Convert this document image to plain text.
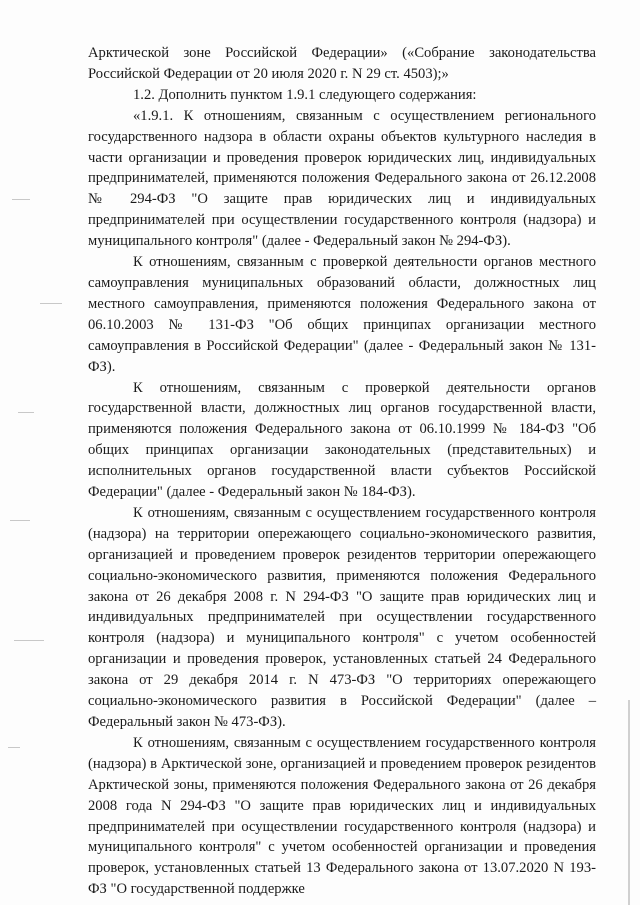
Арктической зоне Российской Федерации» («Собрание законодательства Российской Федерации от 20 июля 2020 г. N 29 ст. 4503);»

1.2. Дополнить пунктом 1.9.1 следующего содержания:

«1.9.1. К отношениям, связанным с осуществлением регионального государственного надзора в области охраны объектов культурного наследия в части организации и проведения проверок юридических лиц, индивидуальных предпринимателей, применяются положения Федерального закона от 26.12.2008 № 294-ФЗ "О защите прав юридических лиц и индивидуальных предпринимателей при осуществлении государственного контроля (надзора) и муниципального контроля" (далее - Федеральный закон № 294-ФЗ).

К отношениям, связанным с проверкой деятельности органов местного самоуправления муниципальных образований области, должностных лиц местного самоуправления, применяются положения Федерального закона от 06.10.2003 № 131-ФЗ "Об общих принципах организации местного самоуправления в Российской Федерации" (далее - Федеральный закон № 131-ФЗ).

К отношениям, связанным с проверкой деятельности органов государственной власти, должностных лиц органов государственной власти, применяются положения Федерального закона от 06.10.1999 № 184-ФЗ "Об общих принципах организации законодательных (представительных) и исполнительных органов государственной власти субъектов Российской Федерации" (далее - Федеральный закон № 184-ФЗ).

К отношениям, связанным с осуществлением государственного контроля (надзора) на территории опережающего социально-экономического развития, организацией и проведением проверок резидентов территории опережающего социально-экономического развития, применяются положения Федерального закона от 26 декабря 2008 г. N 294-ФЗ "О защите прав юридических лиц и индивидуальных предпринимателей при осуществлении государственного контроля (надзора) и муниципального контроля" с учетом особенностей организации и проведения проверок, установленных статьей 24 Федерального закона от 29 декабря 2014 г. N 473-ФЗ "О территориях опережающего социально-экономического развития в Российской Федерации" (далее – Федеральный закон № 473-ФЗ).

К отношениям, связанным с осуществлением государственного контроля (надзора) в Арктической зоне, организацией и проведением проверок резидентов Арктической зоны, применяются положения Федерального закона от 26 декабря 2008 года N 294-ФЗ "О защите прав юридических лиц и индивидуальных предпринимателей при осуществлении государственного контроля (надзора) и муниципального контроля" с учетом особенностей организации и проведения проверок, установленных статьей 13 Федерального закона от 13.07.2020 N 193-ФЗ "О государственной поддержке
